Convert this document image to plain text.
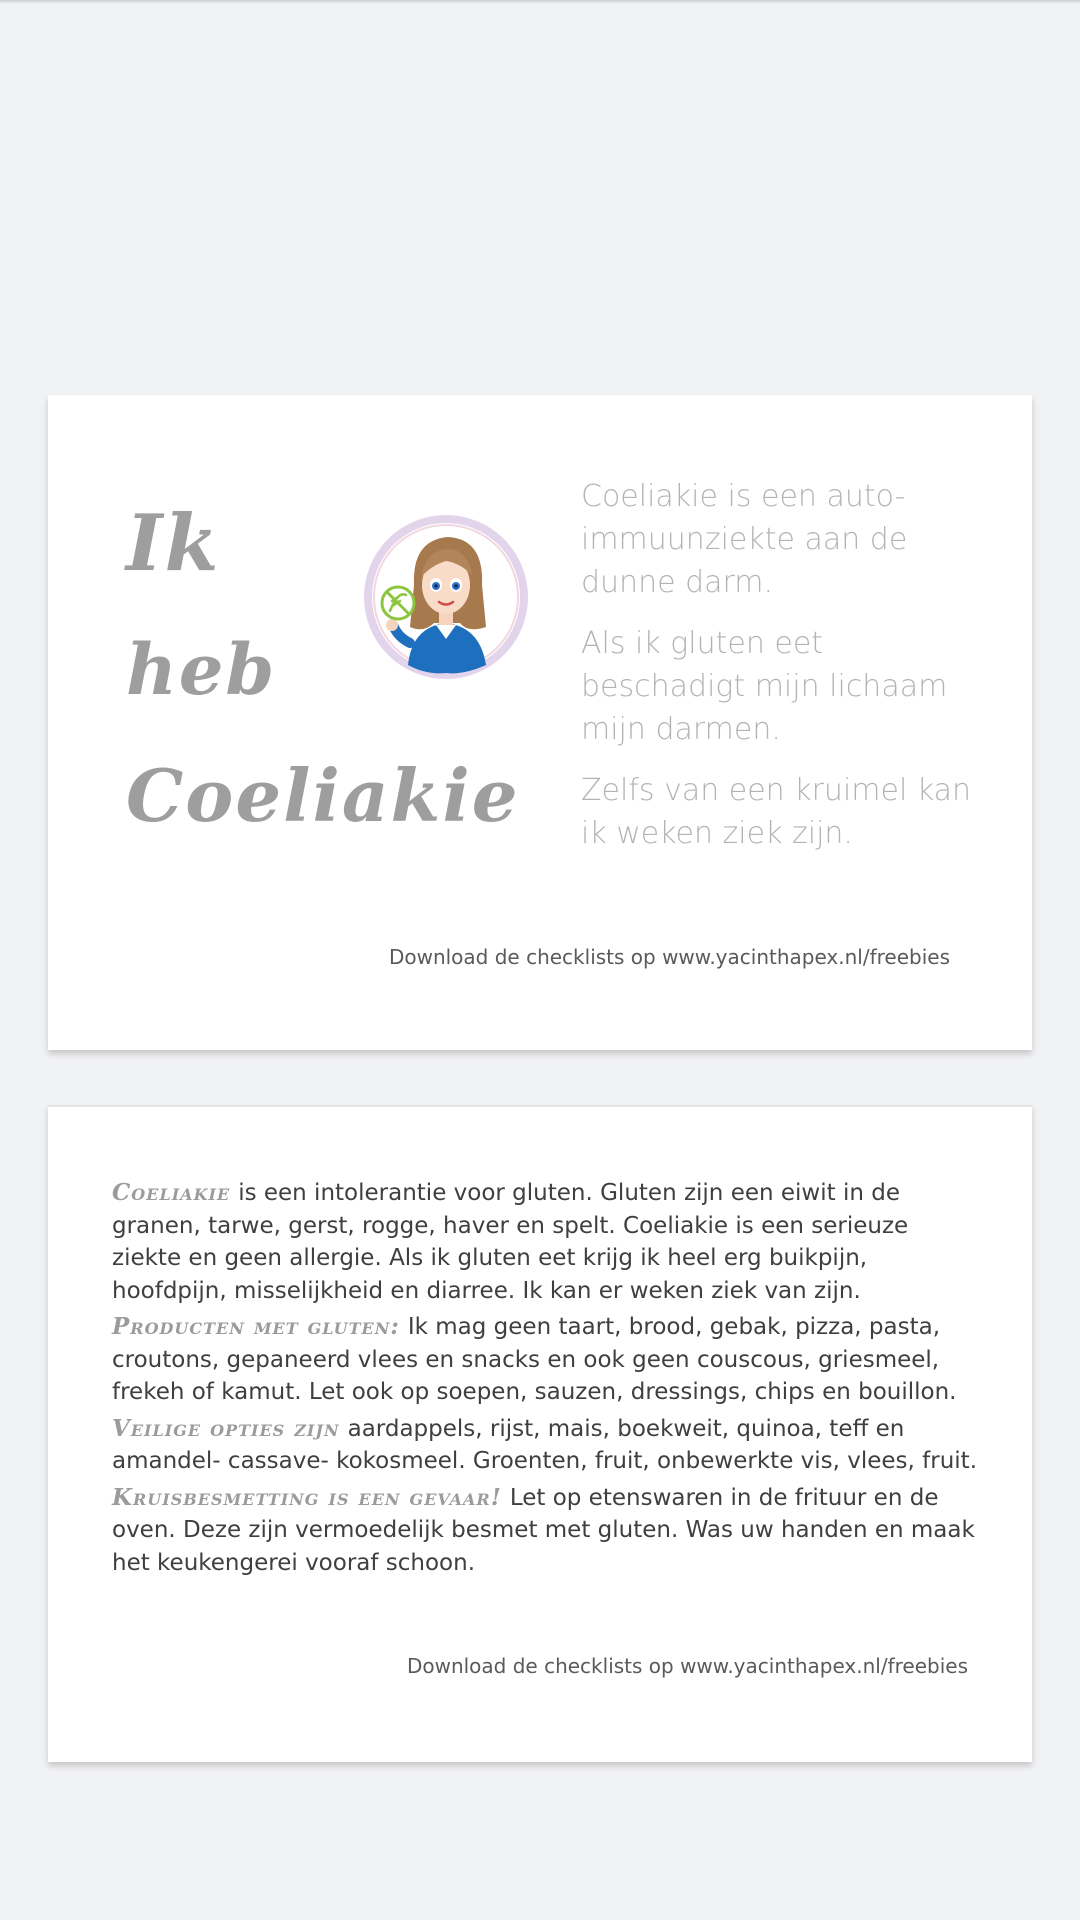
Ik
heb
Coeliakie

Coeliakie is een auto-immuunziekte aan de dunne darm.

Als ik gluten eet beschadigt mijn lichaam mijn darmen.

Zelfs van een kruimel kan ik weken ziek zijn.

Download de checklists op www.yacinthapex.nl/freebies

Coeliakie is een intolerantie voor gluten. Gluten zijn een eiwit in de granen, tarwe, gerst, rogge, haver en spelt. Coeliakie is een serieuze ziekte en geen allergie. Als ik gluten eet krijg ik heel erg buikpijn, hoofdpijn, misselijkheid en diarree. Ik kan er weken ziek van zijn.

Producten met gluten: Ik mag geen taart, brood, gebak, pizza, pasta, croutons, gepaneerd vlees en snacks en ook geen couscous, griesmeel, frekeh of kamut. Let ook op soepen, sauzen, dressings, chips en bouillon.

Veilige opties zijn aardappels, rijst, mais, boekweit, quinoa, teff en amandel- cassave- kokosmeel. Groenten, fruit, onbewerkte vis, vlees, fruit.

Kruisbesmetting is een gevaar! Let op etenswaren in de frituur en de oven. Deze zijn vermoedelijk besmet met gluten. Was uw handen en maak het keukengerei vooraf schoon.

Download de checklists op www.yacinthapex.nl/freebies
